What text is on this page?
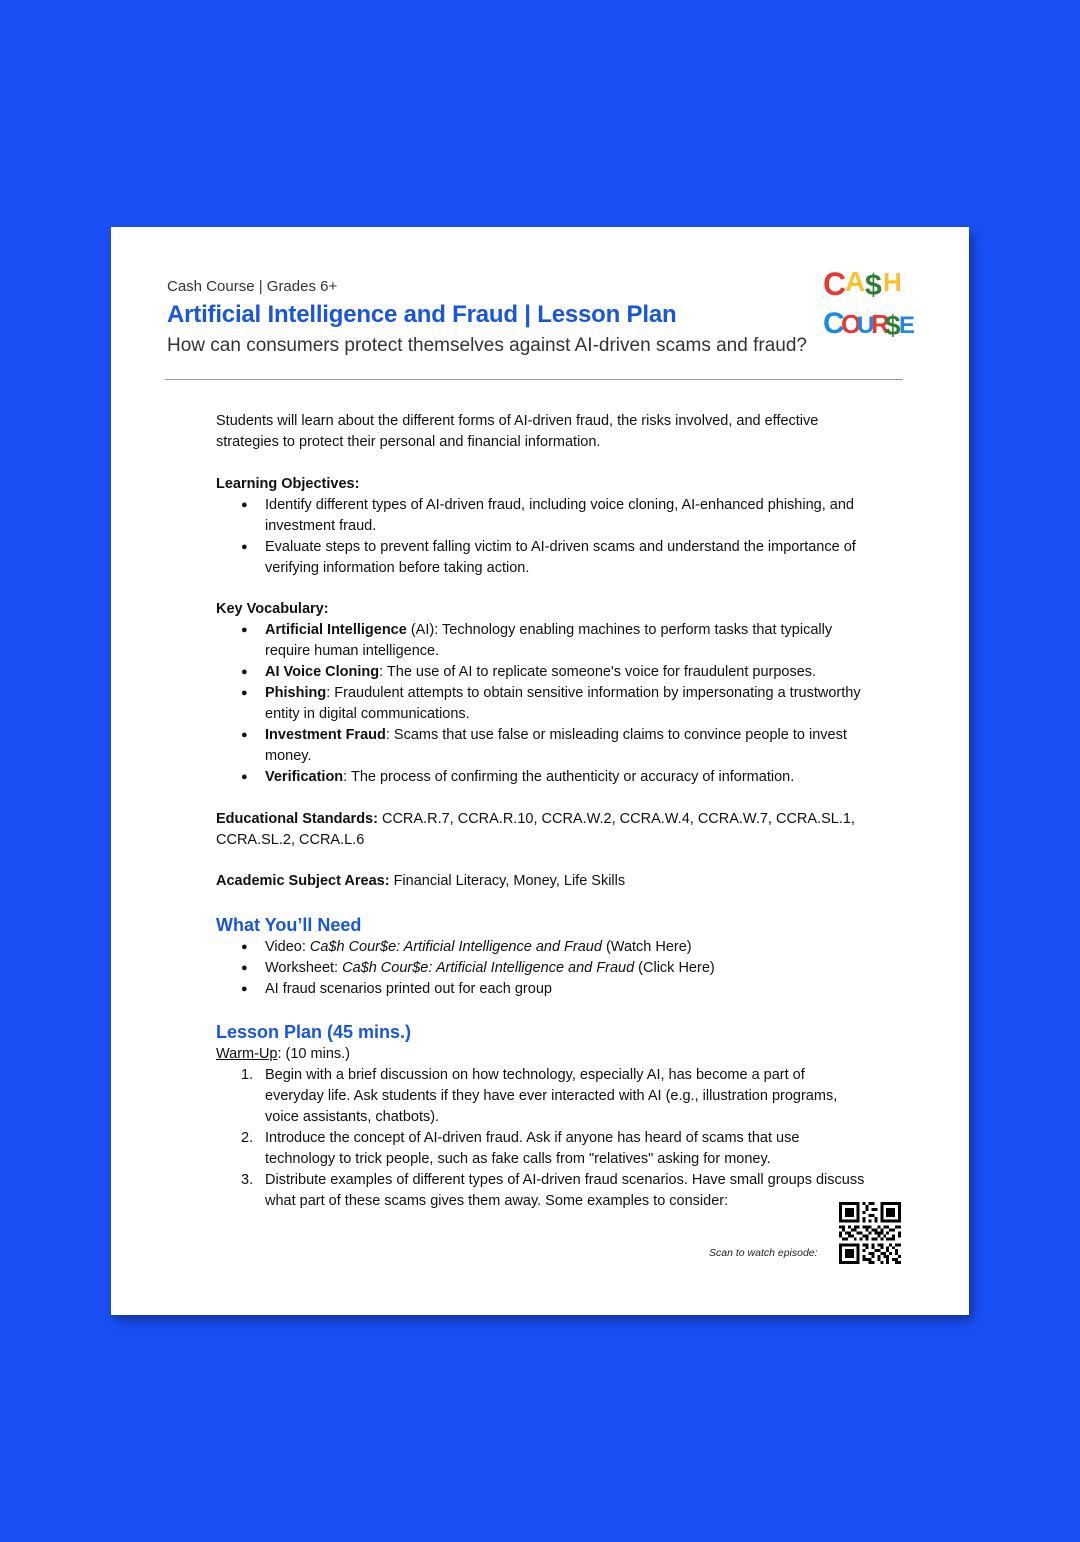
Cash Course | Grades 6+

Artificial Intelligence and Fraud | Lesson Plan

How can consumers protect themselves against AI-driven scams and fraud?

C
A $ H
C
O
U
R
$
E

Students will learn about the different forms of AI-driven fraud, the risks involved, and effective strategies to protect their personal and financial information.

Learning Objectives:

● Identify different types of AI-driven fraud, including voice cloning, AI-enhanced phishing, and investment fraud.
● Evaluate steps to prevent falling victim to AI-driven scams and understand the importance of verifying information before taking action.

Key Vocabulary:

● Artificial Intelligence (AI): Technology enabling machines to perform tasks that typically require human intelligence.
● AI Voice Cloning: The use of AI to replicate someone's voice for fraudulent purposes.
● Phishing: Fraudulent attempts to obtain sensitive information by impersonating a trustworthy entity in digital communications.
● Investment Fraud: Scams that use false or misleading claims to convince people to invest money.
● Verification: The process of confirming the authenticity or accuracy of information.

Educational Standards: CCRA.R.7, CCRA.R.10, CCRA.W.2, CCRA.W.4, CCRA.W.7, CCRA.SL.1, CCRA.SL.2, CCRA.L.6

Academic Subject Areas: Financial Literacy, Money, Life Skills

What You’ll Need

● Video: Ca$h Cour$e: Artificial Intelligence and Fraud (Watch Here)
● Worksheet: Ca$h Cour$e: Artificial Intelligence and Fraud (Click Here)
● AI fraud scenarios printed out for each group

Lesson Plan (45 mins.)

Warm-Up: (10 mins.)

1. Begin with a brief discussion on how technology, especially AI, has become a part of everyday life. Ask students if they have ever interacted with AI (e.g., illustration programs, voice assistants, chatbots).
2. Introduce the concept of AI-driven fraud. Ask if anyone has heard of scams that use technology to trick people, such as fake calls from "relatives" asking for money.
3. Distribute examples of different types of AI-driven fraud scenarios. Have small groups discuss what part of these scams gives them away. Some examples to consider:
Scan to watch episode:
